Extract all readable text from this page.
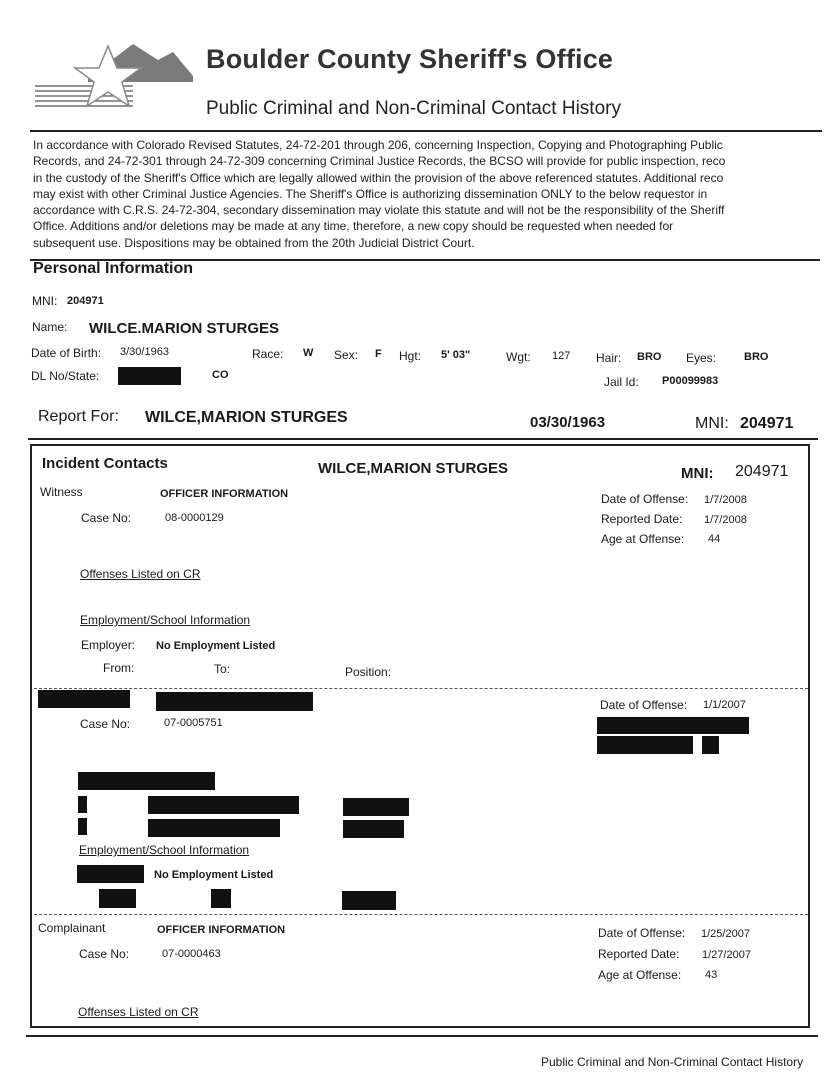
Boulder County Sheriff's Office
Public Criminal and Non-Criminal Contact History
In accordance with Colorado Revised Statutes, 24-72-201 through 206, concerning Inspection, Copying and Photographing Public
Records, and 24-72-301 through 24-72-309 concerning Criminal Justice Records, the BCSO will provide for public inspection, reco
in the custody of the Sheriff's Office which are legally allowed within the provision of the above referenced statutes. Additional reco
may exist with other Criminal Justice Agencies. The Sheriff's Office is authorizing dissemination ONLY to the below requestor in
accordance with C.R.S. 24-72-304, secondary dissemination may violate this statute and will not be the responsibility of the Sheriff
Office. Additions and/or deletions may be made at any time, therefore, a new copy should be requested when needed for
subsequent use. Dispositions may be obtained from the 20th Judicial District Court.
Personal Information
MNI: 204971
Name: WILCE.MARION STURGES
Date of Birth: 3/30/1963	Race: W Sex: F Hgt: 5' 03"	Wgt: 127 Hair: BRO Eyes:	BRO
DL No/State:	CO	Jail Id: P00099983
Report For: WILCE,MARION STURGES	03/30/1963	MNI: 204971
Incident Contacts	WILCE,MARION STURGES	MNI: 204971
Witness	OFFICER INFORMATION
Case No:	08-0000129
Date of Offense: 1/7/2008
Reported Date: 1/7/2008
Age at Offense: 44
Offenses Listed on CR
Employment/School Information
Employer: No Employment Listed
From:	To:	Position:
Case No:	07-0005751
Date of Offense: 1/1/2007
Employment/School Information
No Employment Listed
Complainant	OFFICER INFORMATION
Case No:	07-0000463
Date of Offense: 1/25/2007
Reported Date: 1/27/2007
Age at Offense: 43
Offenses Listed on CR
Public Criminal and Non-Criminal Contact History
